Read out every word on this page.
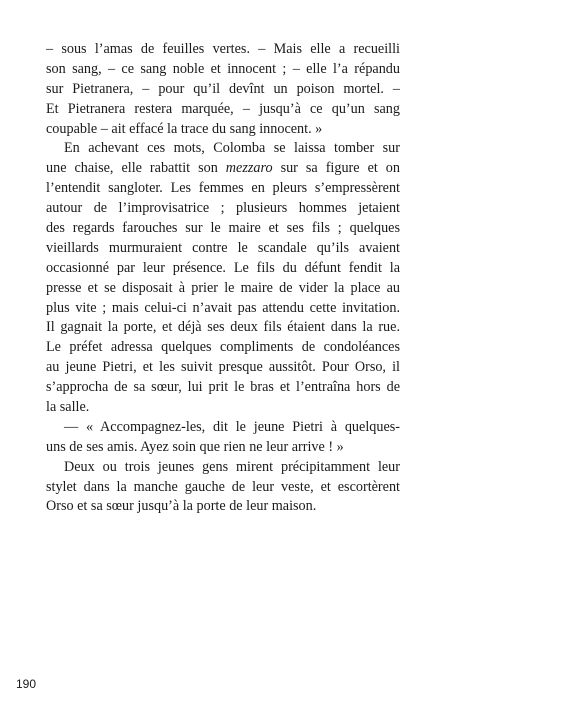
– sous l’amas de feuilles vertes. – Mais elle a recueilli
son sang, – ce sang noble et innocent ; – elle l’a répandu
sur Pietranera, – pour qu’il devînt un poison mortel. –
Et Pietranera restera marquée, – jusqu’à ce qu’un sang
coupable – ait effacé la trace du sang innocent. »
En achevant ces mots, Colomba se laissa tomber sur
une chaise, elle rabattit son mezzaro sur sa figure et on
l’entendit sangloter. Les femmes en pleurs s’empressèrent
autour de l’improvisatrice ; plusieurs hommes jetaient
des regards farouches sur le maire et ses fils ; quelques
vieillards murmuraient contre le scandale qu’ils avaient
occasionné par leur présence. Le fils du défunt fendit la
presse et se disposait à prier le maire de vider la place au
plus vite ; mais celui-ci n’avait pas attendu cette invitation.
Il gagnait la porte, et déjà ses deux fils étaient dans la rue.
Le préfet adressa quelques compliments de condoléances
au jeune Pietri, et les suivit presque aussitôt. Pour Orso, il
s’approcha de sa sœur, lui prit le bras et l’entraîna hors de
la salle.
— « Accompagnez-les, dit le jeune Pietri à quelques-
uns de ses amis. Ayez soin que rien ne leur arrive ! »
Deux ou trois jeunes gens mirent précipitamment leur
stylet dans la manche gauche de leur veste, et escortèrent
Orso et sa sœur jusqu’à la porte de leur maison.
190
